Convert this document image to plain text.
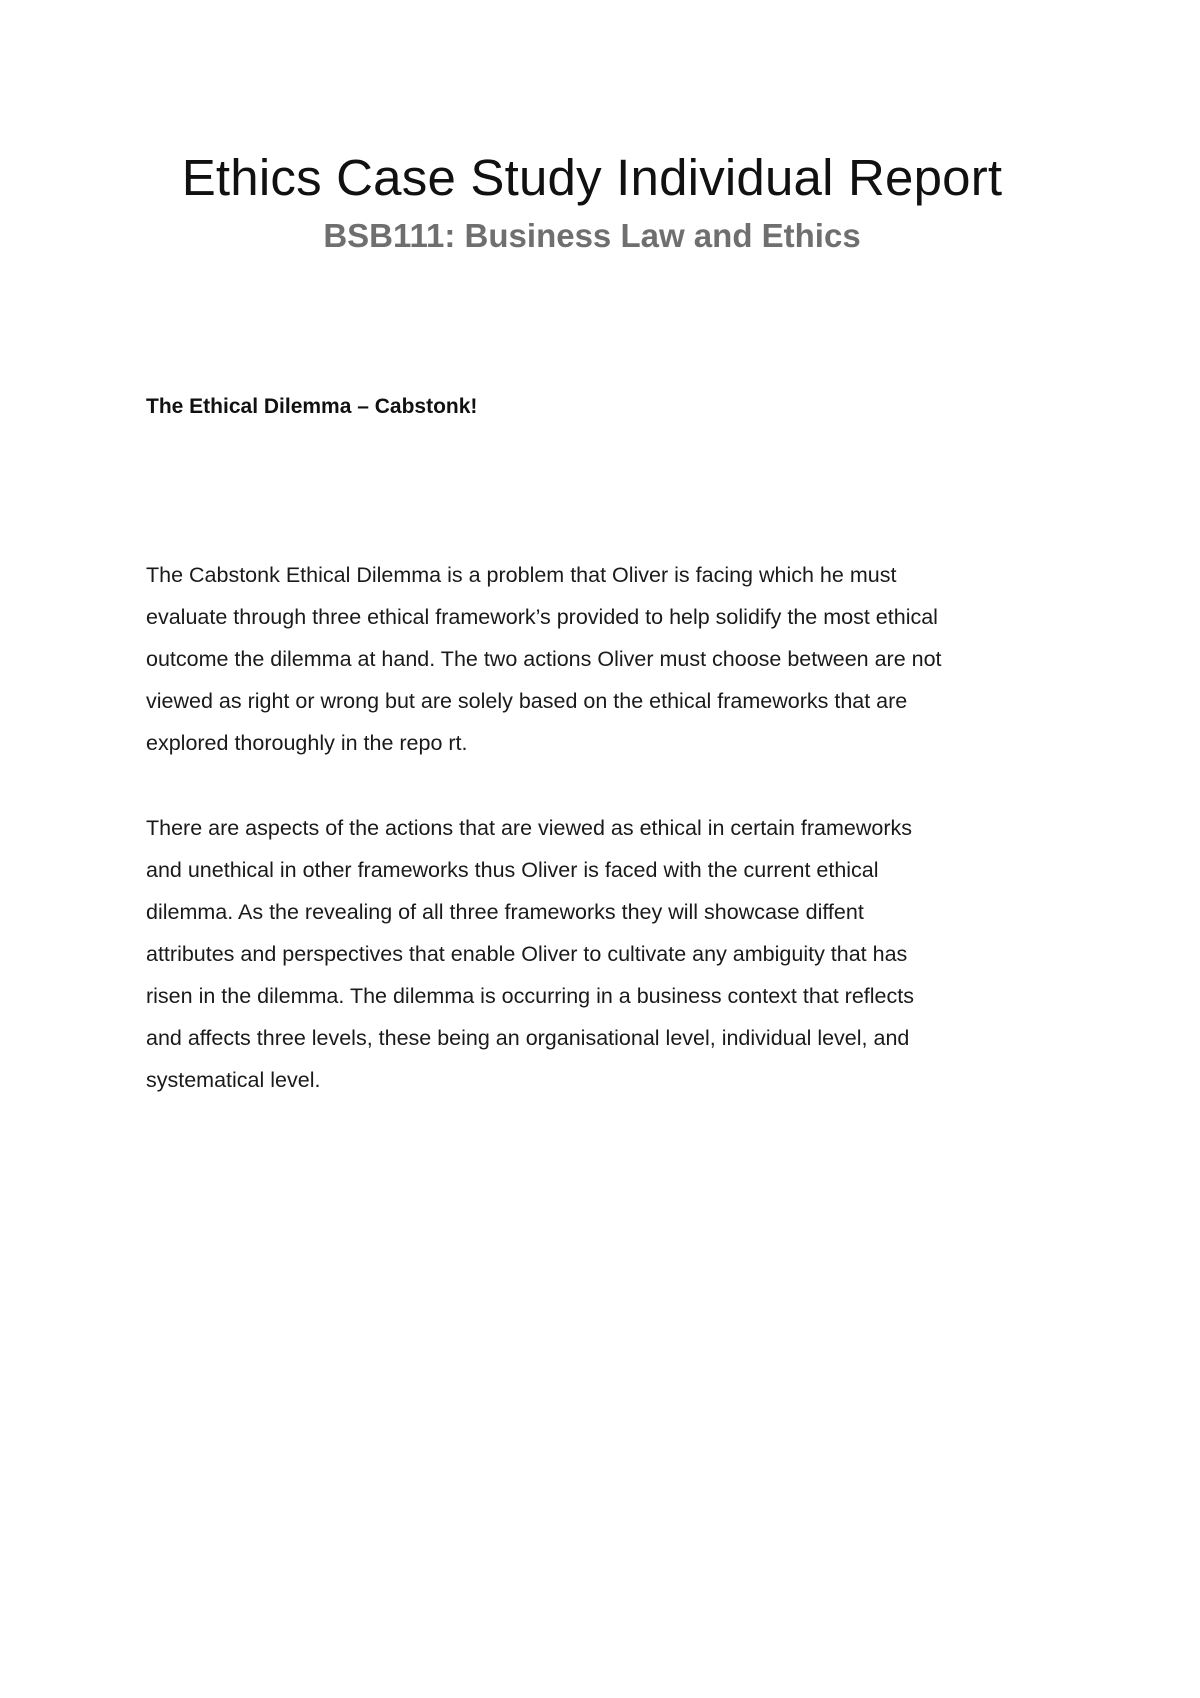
Ethics Case Study Individual Report
BSB111: Business Law and Ethics
The Ethical Dilemma – Cabstonk!

The Cabstonk Ethical Dilemma is a problem that Oliver is facing which he must
evaluate through three ethical framework’s provided to help solidify the most ethical
outcome the dilemma at hand. The two actions Oliver must choose between are not
viewed as right or wrong but are solely based on the ethical frameworks that are
explored thoroughly in the repo rt.

There are aspects of the actions that are viewed as ethical in certain frameworks
and unethical in other frameworks thus Oliver is faced with the current ethical
dilemma. As the revealing of all three frameworks they will showcase diffent
attributes and perspectives that enable Oliver to cultivate any ambiguity that has
risen in the dilemma. The dilemma is occurring in a business context that reflects
and affects three levels, these being an organisational level, individual level, and
systematical level.
